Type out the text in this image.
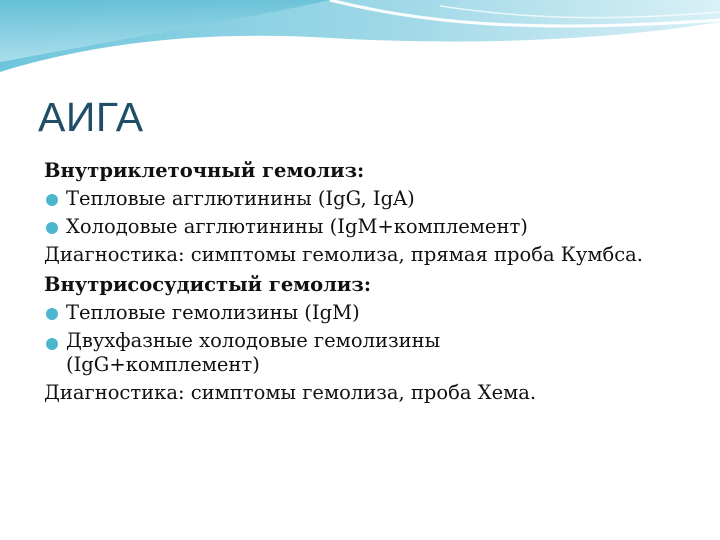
АИГА

Внутриклеточный гемолиз:

Тепловые агглютинины (IgG, IgA)

Холодовые агглютинины (IgM+комплемент)

Диагностика: симптомы гемолиза, прямая проба Кумбса.

Внутрисосудистый гемолиз:

Тепловые гемолизины (IgM)

Двухфазные холодовые гемолизины (IgG+комплемент)

Диагностика: симптомы гемолиза, проба Хема.
